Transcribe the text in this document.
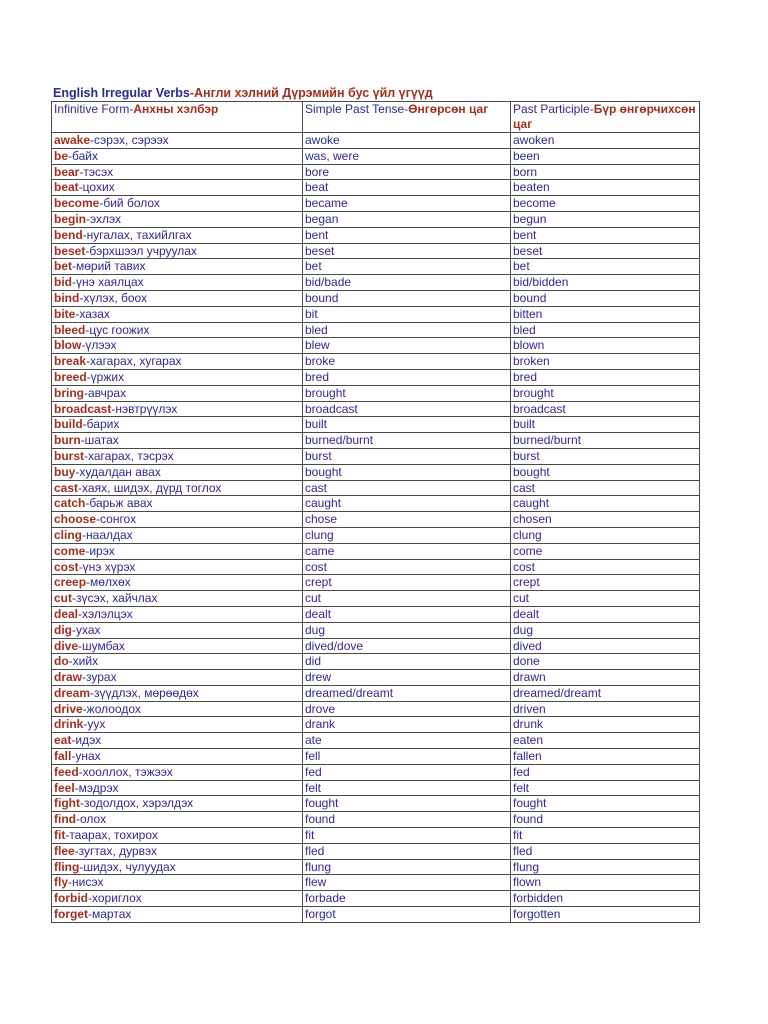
English Irregular Verbs-Англи хэлний Дүрэмийн бус үйл үгүүд
Infinitive Form-Анхны хэлбэр	Simple Past Tense-Өнгөрсөн цаг	Past Participle-Бүр өнгөрчихсөн цаг
awake-сэрэх, сэрээх	awoke	awoken
be-байх	was, were	been
bear-тэсэх	bore	born
beat-цохих	beat	beaten
become-бий болох	became	become
begin-эхлэх	began	begun
bend-нугалах, тахийлгах	bent	bent
beset-бэрхшээл учруулах	beset	beset
bet-мөрий тавих	bet	bet
bid-үнэ хаялцах	bid/bade	bid/bidden
bind-хүлэх, боох	bound	bound
bite-хазах	bit	bitten
bleed-цус гоожих	bled	bled
blow-үлээх	blew	blown
break-хагарах, хугарах	broke	broken
breed-үржих	bred	bred
bring-авчрах	brought	brought
broadcast-нэвтрүүлэх	broadcast	broadcast
build-барих	built	built
burn-шатах	burned/burnt	burned/burnt
burst-хагарах, тэсрэх	burst	burst
buy-худалдан авах	bought	bought
cast-хаях, шидэх, дүрд тоглох	cast	cast
catch-барьж авах	caught	caught
choose-сонгох	chose	chosen
cling-наалдах	clung	clung
come-ирэх	came	come
cost-үнэ хүрэх	cost	cost
creep-мөлхөх	crept	crept
cut-зүсэх, хайчлах	cut	cut
deal-хэлэлцэх	dealt	dealt
dig-ухах	dug	dug
dive-шумбах	dived/dove	dived
do-хийх	did	done
draw-зурах	drew	drawn
dream-зүүдлэх, мөрөөдөх	dreamed/dreamt	dreamed/dreamt
drive-жолоодох	drove	driven
drink-уух	drank	drunk
eat-идэх	ate	eaten
fall-унах	fell	fallen
feed-хооллох, тэжээх	fed	fed
feel-мэдрэх	felt	felt
fight-зодолдох, хэрэлдэх	fought	fought
find-олох	found	found
fit-таарах, тохирох	fit	fit
flee-зугтах, дурвэх	fled	fled
fling-шидэх, чулуудах	flung	flung
fly-нисэх	flew	flown
forbid-хориглох	forbade	forbidden
forget-мартах	forgot	forgotten
